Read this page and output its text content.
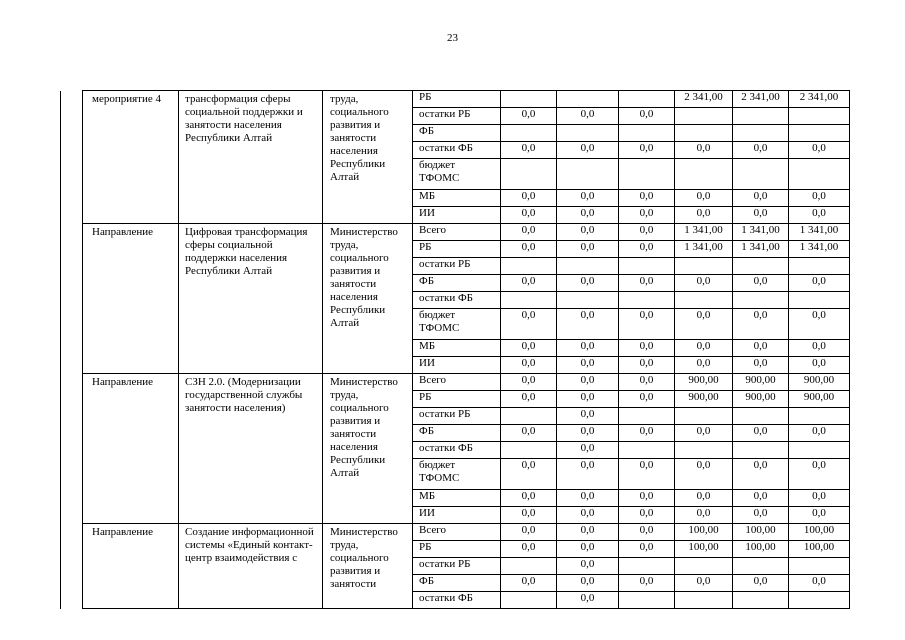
23
	мероприятие 4	трансформация сферы социальной поддержки и занятости населения Республики Алтай	труда, социального развития и занятости населения Республики Алтай	РБ				2 341,00	2 341,00	2 341,00
				остатки РБ	0,0	0,0	0,0			
				ФБ						
				остатки ФБ	0,0	0,0	0,0	0,0	0,0	0,0
				бюджет ТФОМС						
				МБ	0,0	0,0	0,0	0,0	0,0	0,0
				ИИ	0,0	0,0	0,0	0,0	0,0	0,0
	Направление	Цифровая трансформация сферы социальной поддержки населения Республики Алтай	Министерство труда, социального развития и занятости населения Республики Алтай	Всего	0,0	0,0	0,0	1 341,00	1 341,00	1 341,00
				РБ	0,0	0,0	0,0	1 341,00	1 341,00	1 341,00
				остатки РБ						
				ФБ	0,0	0,0	0,0	0,0	0,0	0,0
				остатки ФБ						
				бюджет ТФОМС	0,0	0,0	0,0	0,0	0,0	0,0
				МБ	0,0	0,0	0,0	0,0	0,0	0,0
				ИИ	0,0	0,0	0,0	0,0	0,0	0,0
	Направление	СЗН 2.0. (Модернизации государственной службы занятости населения)	Министерство труда, социального развития и занятости населения Республики Алтай	Всего	0,0	0,0	0,0	900,00	900,00	900,00
				РБ	0,0	0,0	0,0	900,00	900,00	900,00
				остатки РБ		0,0				
				ФБ	0,0	0,0	0,0	0,0	0,0	0,0
				остатки ФБ		0,0				
				бюджет ТФОМС	0,0	0,0	0,0	0,0	0,0	0,0
				МБ	0,0	0,0	0,0	0,0	0,0	0,0
				ИИ	0,0	0,0	0,0	0,0	0,0	0,0
	Направление	Создание информационной системы «Единый контакт-центр взаимодействия с	Министерство труда, социального развития и занятости	Всего	0,0	0,0	0,0	100,00	100,00	100,00
				РБ	0,0	0,0	0,0	100,00	100,00	100,00
				остатки РБ		0,0				
				ФБ	0,0	0,0	0,0	0,0	0,0	0,0
				остатки ФБ		0,0				
